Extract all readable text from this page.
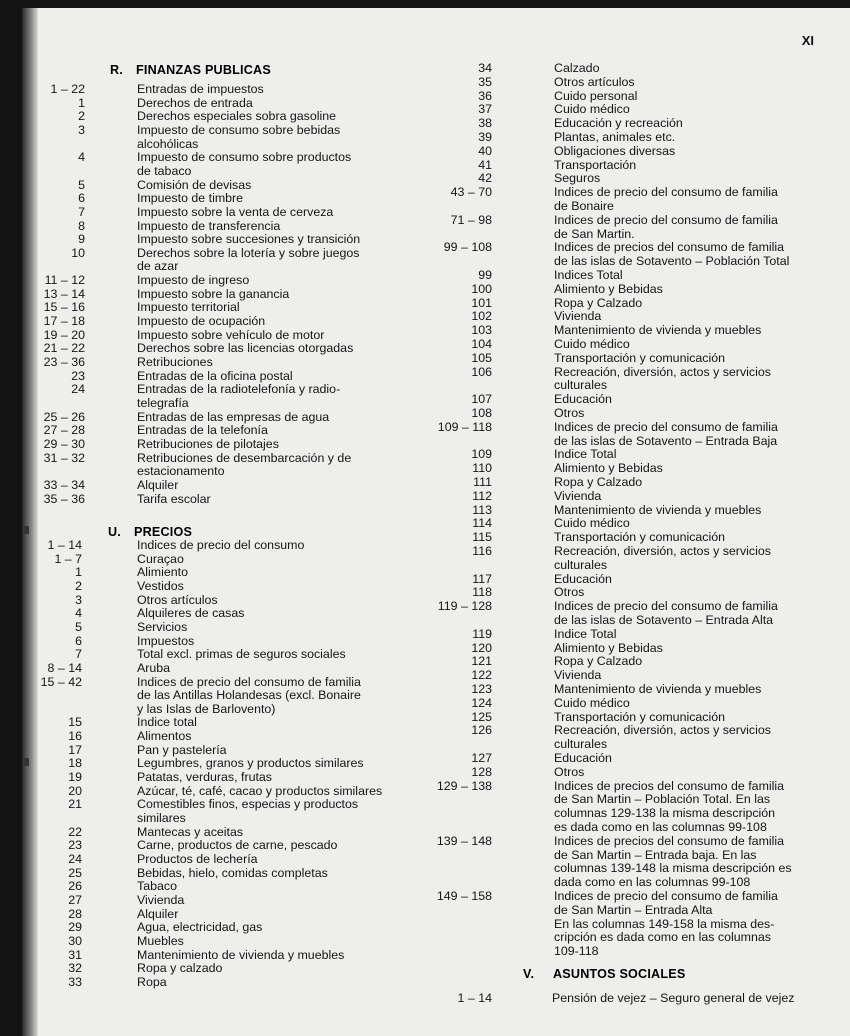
XI
R. FINANZAS PUBLICAS
1 – 22	Entradas de impuestos
1	Derechos de entrada
2	Derechos especiales sobra gasoline
3	Impuesto de consumo sobre bebidas
alcohólicas
4	Impuesto de consumo sobre productos
de tabaco
5	Comisión de devisas
6	Impuesto de timbre
7	Impuesto sobre la venta de cerveza
8	Impuesto de transferencia
9	Impuesto sobre succesiones y transición
10	Derechos sobre la lotería y sobre juegos
de azar
11 – 12	Impuesto de ingreso
13 – 14	Impuesto sobre la ganancia
15 – 16	Impuesto territorial
17 – 18	Impuesto de ocupación
19 – 20	Impuesto sobre vehículo de motor
21 – 22	Derechos sobre las licencias otorgadas
23 – 36	Retribuciones
23	Entradas de la oficina postal
24	Entradas de la radiotelefonía y radio-
telegrafía
25 – 26	Entradas de las empresas de agua
27 – 28	Entradas de la telefonía
29 – 30	Retribuciones de pilotajes
31 – 32	Retribuciones de desembarcación y de
estacionamento
33 – 34	Alquiler
35 – 36	Tarifa escolar
U. PRECIOS
1 – 14	Indices de precio del consumo
1 – 7	Curaçao
1	Alimiento
2	Vestidos
3	Otros artículos
4	Alquileres de casas
5	Servicios
6	Impuestos
7	Total excl. primas de seguros sociales
8 – 14	Aruba
15 – 42	Indices de precio del consumo de familia
de las Antillas Holandesas (excl. Bonaire
y las Islas de Barlovento)
15	Indice total
16	Alimentos
17	Pan y pastelería
18	Legumbres, granos y productos similares
19	Patatas, verduras, frutas
20	Azúcar, té, café, cacao y productos similares
21	Comestibles finos, especias y productos
similares
22	Mantecas y aceitas
23	Carne, productos de carne, pescado
24	Productos de lechería
25	Bebidas, hielo, comidas completas
26	Tabaco
27	Vivienda
28	Alquiler
29	Agua, electricidad, gas
30	Muebles
31	Mantenimiento de vivienda y muebles
32	Ropa y calzado
33	Ropa
34	Calzado
35	Otros artículos
36	Cuido personal
37	Cuido médico
38	Educación y recreación
39	Plantas, animales etc.
40	Obligaciones diversas
41	Transportación
42	Seguros
43 – 70	Indices de precio del consumo de familia
de Bonaire
71 – 98	Indices de precio del consumo de familia
de San Martin.
99 – 108	Indices de precios del consumo de familia
de las islas de Sotavento – Población Total
99	Indices Total
100	Alimiento y Bebidas
101	Ropa y Calzado
102	Vivienda
103	Mantenimiento de vivienda y muebles
104	Cuido médico
105	Transportación y comunicación
106	Recreación, diversión, actos y servicios
culturales
107	Educación
108	Otros
109 – 118	Indices de precio del consumo de familia
de las islas de Sotavento – Entrada Baja
109	Indice Total
110	Alimiento y Bebidas
111	Ropa y Calzado
112	Vivienda
113	Mantenimiento de vivienda y muebles
114	Cuido médico
115	Transportación y comunicación
116	Recreación, diversión, actos y servicios
culturales
117	Educación
118	Otros
119 – 128	Indices de precio del consumo de familia
de las islas de Sotavento – Entrada Alta
119	Indice Total
120	Alimiento y Bebidas
121	Ropa y Calzado
122	Vivienda
123	Mantenimiento de vivienda y muebles
124	Cuido médico
125	Transportación y comunicación
126	Recreación, diversión, actos y servicios
culturales
127	Educación
128	Otros
129 – 138	Indices de precios del consumo de familia
de San Martin – Población Total. En las
columnas 129-138 la misma descripción
es dada como en las columnas 99-108
139 – 148	Indices de precios del consumo de familia
de San Martin – Entrada baja. En las
columnas 139-148 la misma descripción es
dada como en las columnas 99-108
149 – 158	Indices de precio del consumo de familia
de San Martin – Entrada Alta
En las columnas 149-158 la misma des-
cripción es dada como en las columnas
109-118
V. ASUNTOS SOCIALES
1 – 14	Pensión de vejez – Seguro general de vejez
